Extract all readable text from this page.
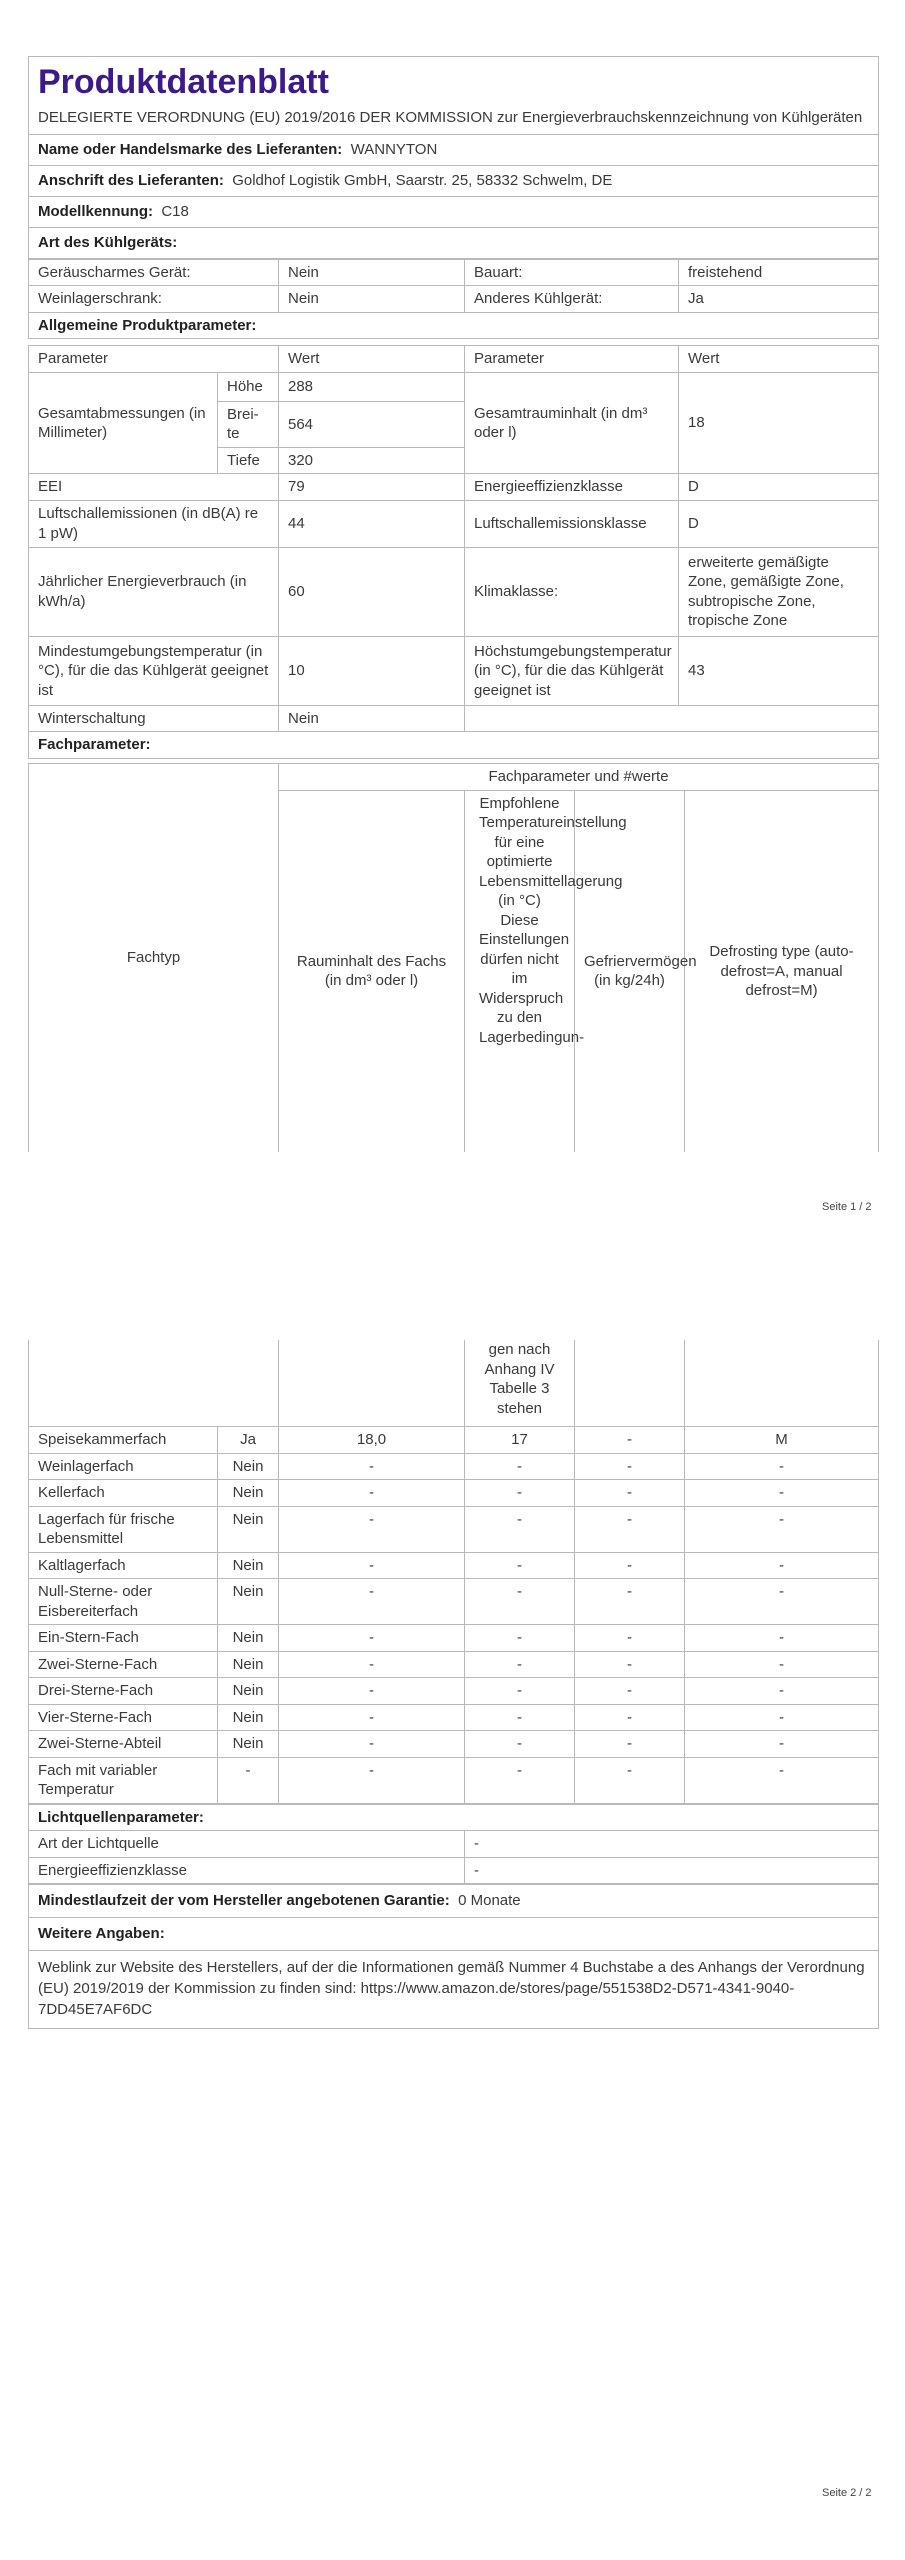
Produktdatenblatt
DELEGIERTE VERORDNUNG (EU) 2019/2016 DER KOMMISSION zur Energieverbrauchskennzeichnung von Kühlgeräten

Name oder Handelsmarke des Lieferanten: WANNYTON
Anschrift des Lieferanten: Goldhof Logistik GmbH, Saarstr. 25, 58332 Schwelm, DE
Modellkennung: C18
Art des Kühlgeräts:
Geräuscharmes Gerät:	Nein	Bauart:	freistehend
Weinlagerschrank:	Nein	Anderes Kühlgerät:	Ja
Allgemeine Produktparameter:			
Parameter		Wert	Parameter	Wert
Gesamtabmessungen (in Millimeter)	Höhe	288	Gesamtrauminhalt (in dm³ oder l)	18
	Brei-te	564		
	Tiefe	320		
EEI		79	Energieeffizienzklasse	D
Luftschallemissionen (in dB(A) re 1 pW)		44	Luftschallemissionsklasse	D
Jährlicher Energieverbrauch (in kWh/a)		60	Klimaklasse:	erweiterte gemäßigte Zone, gemäßigte Zone, subtropische Zone, tropische Zone
Mindestumgebungstemperatur (in °C), für die das Kühlgerät geeignet ist		10	Höchstumgebungstemperatur (in °C), für die das Kühlgerät geeignet ist	43
Winterschaltung		Nein		
Fachparameter:				
Fachtyp	Fachparameter und #werte			
	Rauminhalt des Fachs (in dm³ oder l)	Empfohlene Temperatureinstellung für eine optimierte Lebensmittellagerung (in °C) Diese Einstellungen dürfen nicht im Widerspruch zu den Lagerbedingun-	Gefriervermögen (in kg/24h)	Defrosting type (auto-defrost=A, manual defrost=M)
Seite 1 / 2
			gen nach Anhang IV Tabelle 3 stehen		
Speisekammerfach	Ja	18,0	17	-	M
Weinlagerfach	Nein	-	-	-	-
Kellerfach	Nein	-	-	-	-
Lagerfach für frische Lebensmittel	Nein	-	-	-	-
Kaltlagerfach	Nein	-	-	-	-
Null-Sterne- oder Eisbereiterfach	Nein	-	-	-	-
Ein-Stern-Fach	Nein	-	-	-	-
Zwei-Sterne-Fach	Nein	-	-	-	-
Drei-Sterne-Fach	Nein	-	-	-	-
Vier-Sterne-Fach	Nein	-	-	-	-
Zwei-Sterne-Abteil	Nein	-	-	-	-
Fach mit variabler Temperatur	-	-	-	-	-
Lichtquellenparameter:	
Art der Lichtquelle	-
Energieeffizienzklasse	-
Mindestlaufzeit der vom Hersteller angebotenen Garantie: 0 Monate
Weitere Angaben:
Weblink zur Website des Herstellers, auf der die Informationen gemäß Nummer 4 Buchstabe a des Anhangs der Verordnung (EU) 2019/2019 der Kommission zu finden sind: https://www.amazon.de/stores/page/551538D2-D571-4341-9040-7DD45E7AF6DC
Seite 2 / 2
